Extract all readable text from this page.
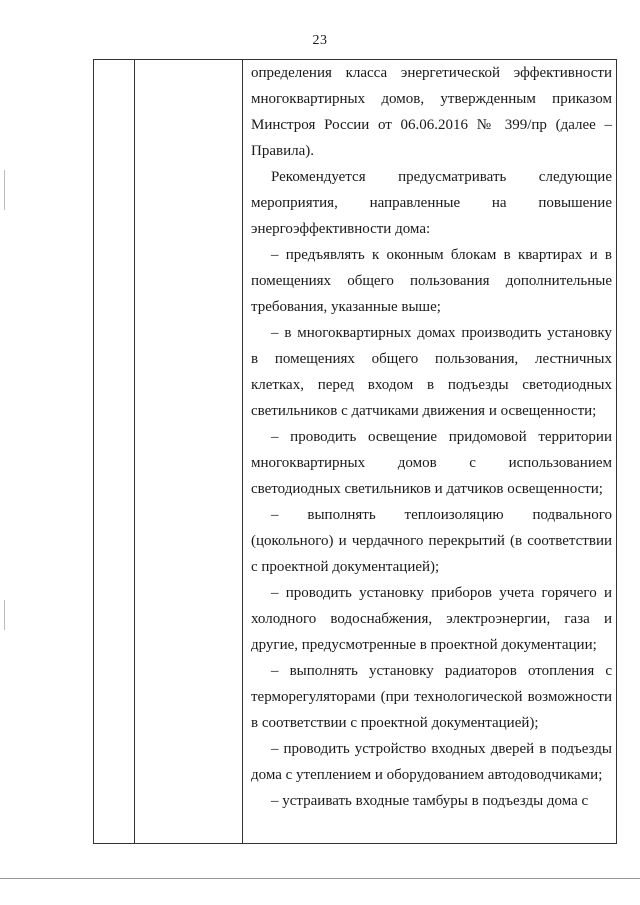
23

определения класса энергетической эффективности многоквартирных домов, утвержденным приказом Минстроя России от 06.06.2016 № 399/пр (далее – Правила).

Рекомендуется предусматривать следующие мероприятия, направленные на повышение энергоэффективности дома:

– предъявлять к оконным блокам в квартирах и в помещениях общего пользования дополнительные требования, указанные выше;

– в многоквартирных домах производить установку в помещениях общего пользования, лестничных клетках, перед входом в подъезды светодиодных светильников с датчиками движения и освещенности;

– проводить освещение придомовой территории многоквартирных домов с использованием светодиодных светильников и датчиков освещенности;

– выполнять теплоизоляцию подвального (цокольного) и чердачного перекрытий (в соответствии с проектной документацией);

– проводить установку приборов учета горячего и холодного водоснабжения, электроэнергии, газа и другие, предусмотренные в проектной документации;

– выполнять установку радиаторов отопления с терморегуляторами (при технологической возможности в соответствии с проектной документацией);

– проводить устройство входных дверей в подъезды дома с утеплением и оборудованием автодоводчиками;

– устраивать входные тамбуры в подъезды дома с
